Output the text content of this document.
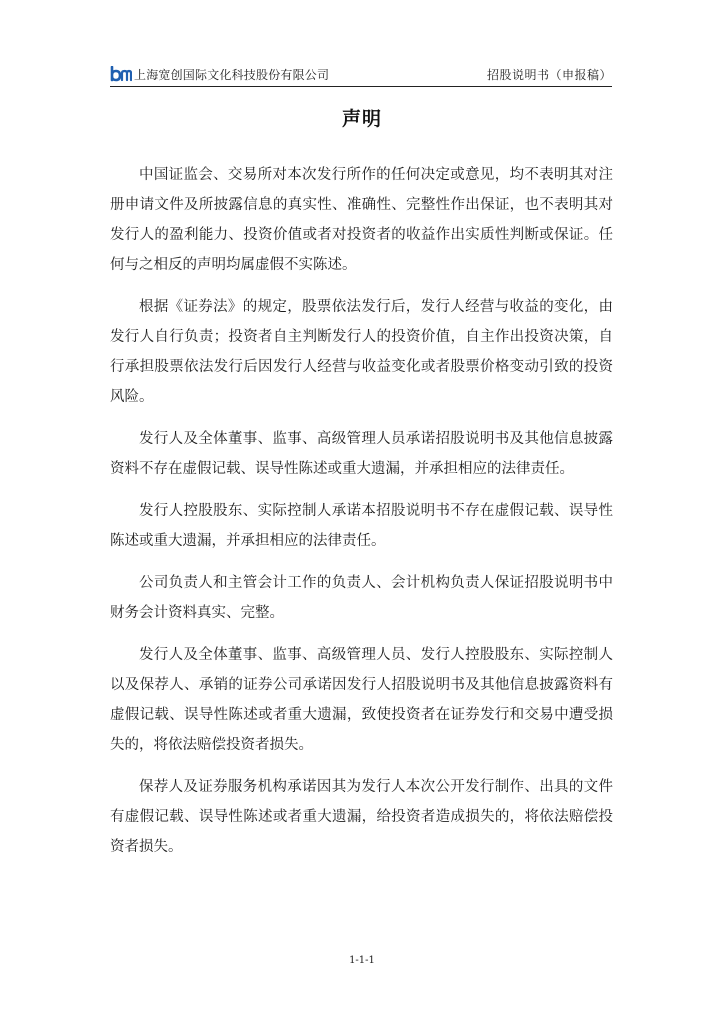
上海宽创国际文化科技股份有限公司	招股说明书（申报稿）
声明

中国证监会、交易所对本次发行所作的任何决定或意见，均不表明其对注册申请文件及所披露信息的真实性、准确性、完整性作出保证，也不表明其对发行人的盈利能力、投资价值或者对投资者的收益作出实质性判断或保证。任何与之相反的声明均属虚假不实陈述。

根据《证券法》的规定，股票依法发行后，发行人经营与收益的变化，由发行人自行负责；投资者自主判断发行人的投资价值，自主作出投资决策，自行承担股票依法发行后因发行人经营与收益变化或者股票价格变动引致的投资风险。

发行人及全体董事、监事、高级管理人员承诺招股说明书及其他信息披露资料不存在虚假记载、误导性陈述或重大遗漏，并承担相应的法律责任。

发行人控股股东、实际控制人承诺本招股说明书不存在虚假记载、误导性陈述或重大遗漏，并承担相应的法律责任。

公司负责人和主管会计工作的负责人、会计机构负责人保证招股说明书中财务会计资料真实、完整。

发行人及全体董事、监事、高级管理人员、发行人控股股东、实际控制人以及保荐人、承销的证券公司承诺因发行人招股说明书及其他信息披露资料有虚假记载、误导性陈述或者重大遗漏，致使投资者在证券发行和交易中遭受损失的，将依法赔偿投资者损失。

保荐人及证券服务机构承诺因其为发行人本次公开发行制作、出具的文件有虚假记载、误导性陈述或者重大遗漏，给投资者造成损失的，将依法赔偿投资者损失。

1-1-1
